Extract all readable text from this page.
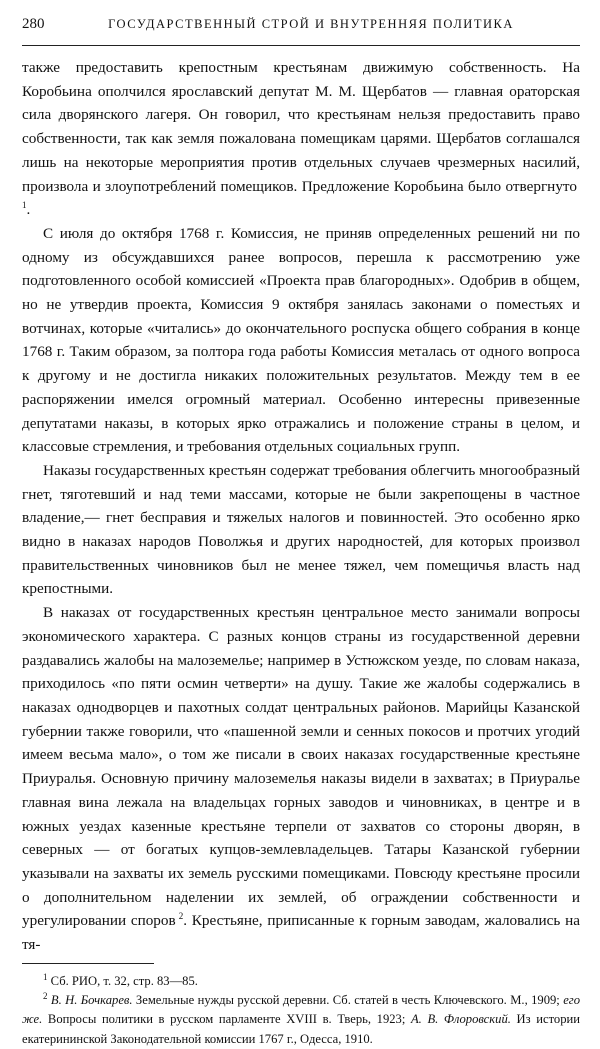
280	ГОСУДАРСТВЕННЫЙ СТРОЙ И ВНУТРЕННЯЯ ПОЛИТИКА

также предоставить крепостным крестьянам движимую собственность. На Коробьина ополчился ярославский депутат М. М. Щербатов — главная ораторская сила дворянского лагеря. Он говорил, что крестьянам нельзя предоставить право собственности, так как земля пожалована помещикам царями. Щербатов соглашался лишь на некоторые мероприятия против отдельных случаев чрезмерных насилий, произвола и злоупотреблений помещиков. Предложение Коробьина было отвергнуто $^1$.

С июля до октября 1768 г. Комиссия, не приняв определенных решений ни по одному из обсуждавшихся ранее вопросов, перешла к рассмотрению уже подготовленного особой комиссией «Проекта прав благородных». Одобрив в общем, но не утвердив проекта, Комиссия 9 октября занялась законами о поместьях и вотчинах, которые «читались» до окончательного роспуска общего собрания в конце 1768 г. Таким образом, за полтора года работы Комиссия металась от одного вопроса к другому и не достигла никаких положительных результатов. Между тем в ее распоряжении имелся огромный материал. Особенно интересны привезенные депутатами наказы, в которых ярко отражались и положение страны в целом, и классовые стремления, и требования отдельных социальных групп.

Наказы государственных крестьян содержат требования облегчить многообразный гнет, тяготевший и над теми массами, которые не были закрепощены в частное владение,— гнет бесправия и тяжелых налогов и повинностей. Это особенно ярко видно в наказах народов Поволжья и других народностей, для которых произвол правительственных чиновников был не менее тяжел, чем помещичья власть над крепостными.

В наказах от государственных крестьян центральное место занимали вопросы экономического характера. С разных концов страны из государственной деревни раздавались жалобы на малоземелье; например в Устюжском уезде, по словам наказа, приходилось «по пяти осмин четверти» на душу. Такие же жалобы содержались в наказах однодворцев и пахотных солдат центральных районов. Марийцы Казанской губернии также говорили, что «пашенной земли и сенных покосов и протчих угодий имеем весьма мало», о том же писали в своих наказах государственные крестьяне Приуралья. Основную причину малоземелья наказы видели в захватах; в Приуралье главная вина лежала на владельцах горных заводов и чиновниках, в центре и в южных уездах казенные крестьяне терпели от захватов со стороны дворян, в северных — от богатых купцов-землевладельцев. Татары Казанской губернии указывали на захваты их земель русскими помещиками. Повсюду крестьяне просили о дополнительном наделении их землей, об ограждении собственности и урегулировании споров  $^2$. Крестьяне, приписанные к горным заводам, жаловались на тя-

$^1$ Сб. РИО, т. 32, стр. 83—85.

$^2$ В. Н. Бочкарев. Земельные нужды русской деревни. Сб. статей в честь Ключевского. М., 1909; его же. Вопросы политики в русском парламенте XVIII в. Тверь, 1923; А. В. Флоровский. Из истории екатерининской Законодательной комиссии 1767 г., Одесса, 1910.
